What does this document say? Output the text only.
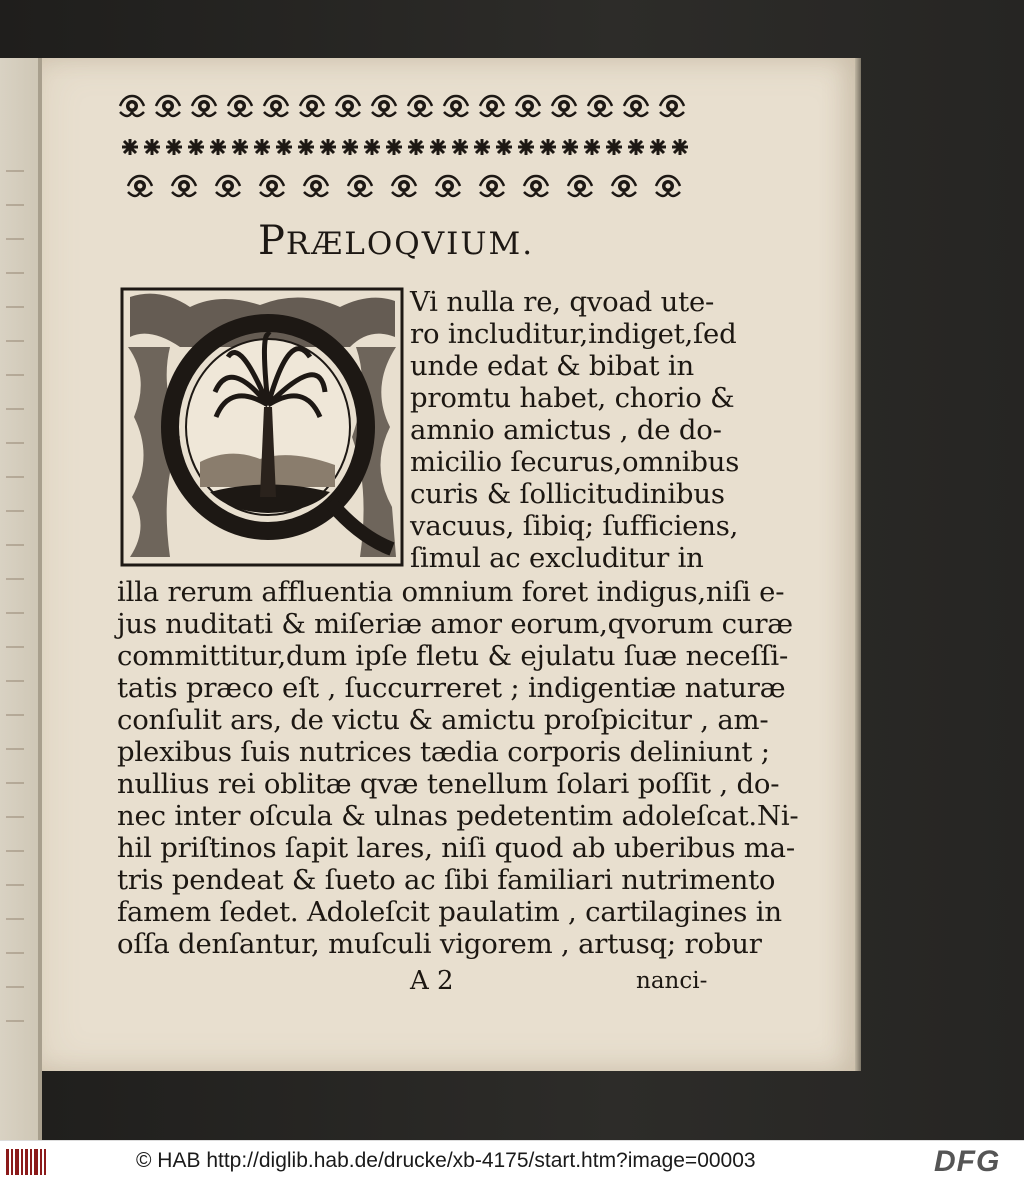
PRÆLOQVIUM.
Vi nulla re, qvoad ute-
ro includitur,indiget,ſed
unde edat & bibat in
promtu habet, chorio &
amnio amictus , de do-
micilio ſecurus,omnibus
curis & ſollicitudinibus
vacuus, ſibiq; ſufficiens,
ſimul ac excluditur in
illa rerum affluentia omnium foret indigus,niſi e-
jus nuditati & miſeriæ amor eorum,qvorum curæ
committitur,dum ipſe fletu & ejulatu ſuæ neceſſi-
tatis præco eſt , ſuccurreret ; indigentiæ naturæ
conſulit ars, de victu & amictu proſpicitur , am-
plexibus ſuis nutrices tædia corporis deliniunt ;
nullius rei oblitæ qvæ tenellum ſolari poſſit , do-
nec inter oſcula & ulnas pedetentim adoleſcat.Ni-
hil priſtinos ſapit lares, niſi quod ab uberibus ma-
tris pendeat & ſueto ac ſibi familiari nutrimento
famem ſedet. Adoleſcit paulatim , cartilagines in
oſſa denſantur, muſculi vigorem , artusq; robur
A 2	nanci-
© HAB http://diglib.hab.de/drucke/xb-4175/start.htm?image=00003	DFG
